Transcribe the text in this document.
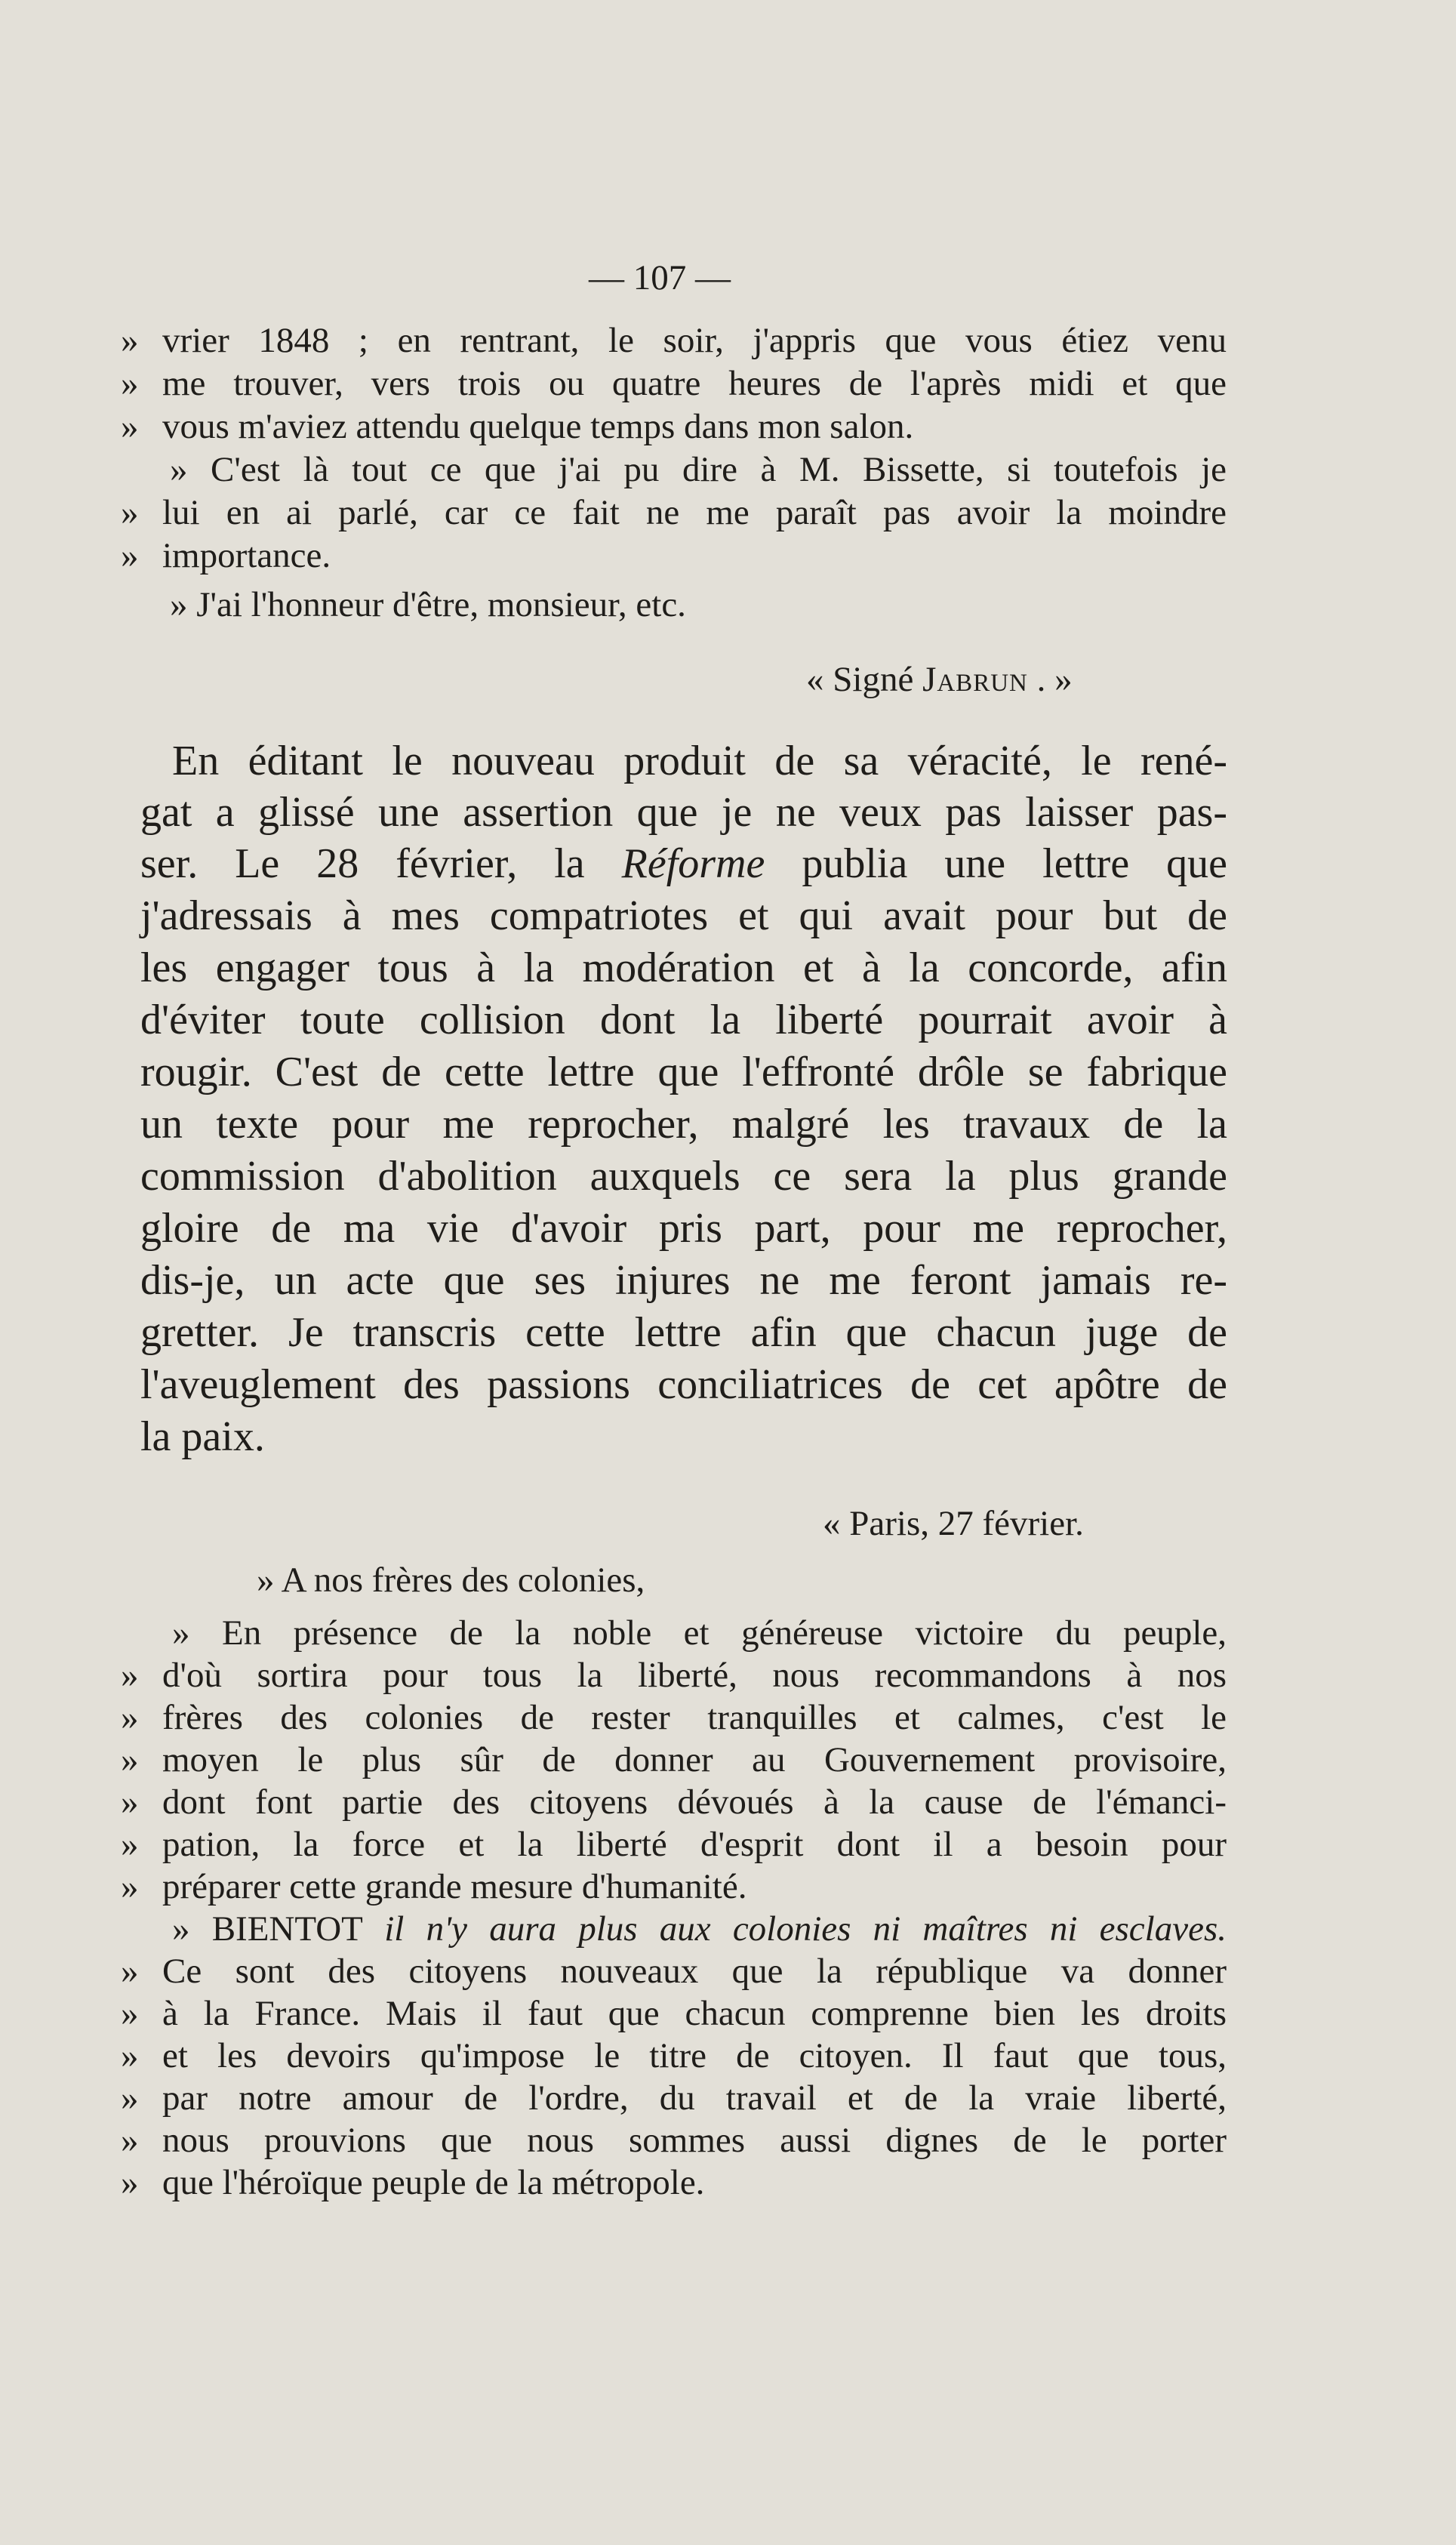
— 107 —
» vrier 1848 ; en rentrant, le soir, j'appris que vous étiez venu
» me trouver, vers trois ou quatre heures de l'après midi et que
» vous m'aviez attendu quelque temps dans mon salon.
» C'est là tout ce que j'ai pu dire à M. Bissette, si toutefois je
» lui en ai parlé, car ce fait ne me paraît pas avoir la moindre
» importance.
» J'ai l'honneur d'être, monsieur, etc.
« Signé Jabrun . »
En éditant le nouveau produit de sa véracité, le rené-
gat a glissé une assertion que je ne veux pas laisser pas-
ser. Le 28 février, la Réforme publia une lettre que
j'adressais à mes compatriotes et qui avait pour but de
les engager tous à la modération et à la concorde, afin
d'éviter toute collision dont la liberté pourrait avoir à
rougir. C'est de cette lettre que l'effronté drôle se fabrique
un texte pour me reprocher, malgré les travaux de la
commission d'abolition auxquels ce sera la plus grande
gloire de ma vie d'avoir pris part, pour me reprocher,
dis-je, un acte que ses injures ne me feront jamais re-
gretter. Je transcris cette lettre afin que chacun juge de
l'aveuglement des passions conciliatrices de cet apôtre de
la paix.
« Paris, 27 février.
» A nos frères des colonies,
» En présence de la noble et généreuse victoire du peuple,
» d'où sortira pour tous la liberté, nous recommandons à nos
» frères des colonies de rester tranquilles et calmes, c'est le
» moyen le plus sûr de donner au Gouvernement provisoire,
» dont font partie des citoyens dévoués à la cause de l'émanci-
» pation, la force et la liberté d'esprit dont il a besoin pour
» préparer cette grande mesure d'humanité.
» BIENTOT il n'y aura plus aux colonies ni maîtres ni esclaves.
» Ce sont des citoyens nouveaux que la république va donner
» à la France. Mais il faut que chacun comprenne bien les droits
» et les devoirs qu'impose le titre de citoyen. Il faut que tous,
» par notre amour de l'ordre, du travail et de la vraie liberté,
» nous prouvions que nous sommes aussi dignes de le porter
» que l'héroïque peuple de la métropole.
